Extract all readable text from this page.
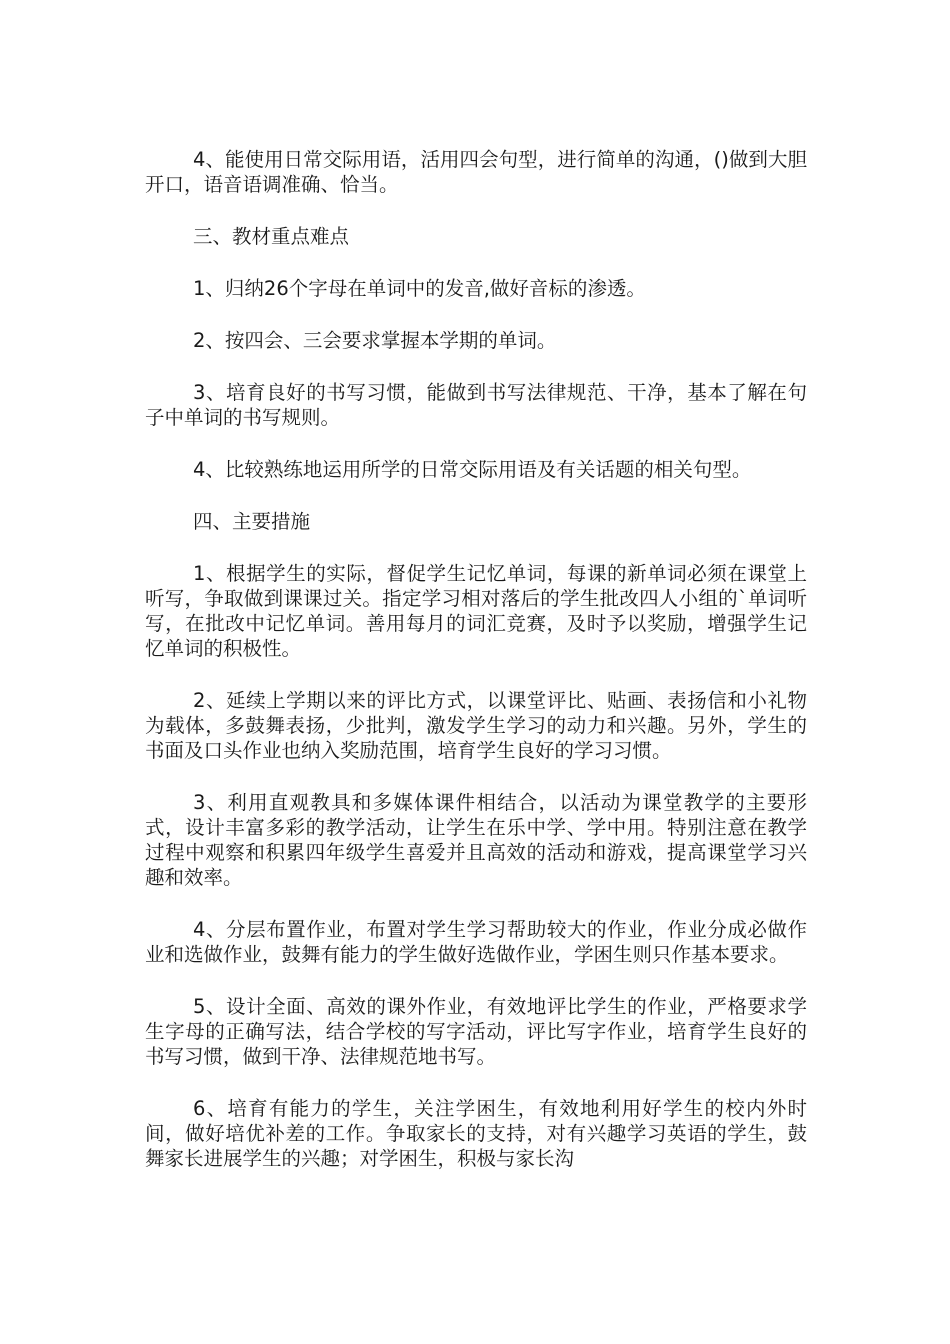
4、能使用日常交际用语，活用四会句型，进行简单的沟通，()做到大胆开口，语音语调准确、恰当。

三、教材重点难点

1、归纳26个字母在单词中的发音,做好音标的渗透。

2、按四会、三会要求掌握本学期的单词。

3、培育良好的书写习惯，能做到书写法律规范、干净，基本了解在句子中单词的书写规则。

4、比较熟练地运用所学的日常交际用语及有关话题的相关句型。

四、主要措施

1、根据学生的实际，督促学生记忆单词，每课的新单词必须在课堂上听写，争取做到课课过关。指定学习相对落后的学生批改四人小组的`单词听写，在批改中记忆单词。善用每月的词汇竞赛，及时予以奖励，增强学生记忆单词的积极性。

2、延续上学期以来的评比方式，以课堂评比、贴画、表扬信和小礼物为载体，多鼓舞表扬，少批判，激发学生学习的动力和兴趣。另外，学生的书面及口头作业也纳入奖励范围，培育学生良好的学习习惯。

3、利用直观教具和多媒体课件相结合，以活动为课堂教学的主要形式，设计丰富多彩的教学活动，让学生在乐中学、学中用。特别注意在教学过程中观察和积累四年级学生喜爱并且高效的活动和游戏，提高课堂学习兴趣和效率。

4、分层布置作业，布置对学生学习帮助较大的作业，作业分成必做作业和选做作业，鼓舞有能力的学生做好选做作业，学困生则只作基本要求。

5、设计全面、高效的课外作业，有效地评比学生的作业，严格要求学生字母的正确写法，结合学校的写字活动，评比写字作业，培育学生良好的书写习惯，做到干净、法律规范地书写。

6、培育有能力的学生，关注学困生，有效地利用好学生的校内外时间，做好培优补差的工作。争取家长的支持，对有兴趣学习英语的学生，鼓舞家长进展学生的兴趣；对学困生，积极与家长沟
